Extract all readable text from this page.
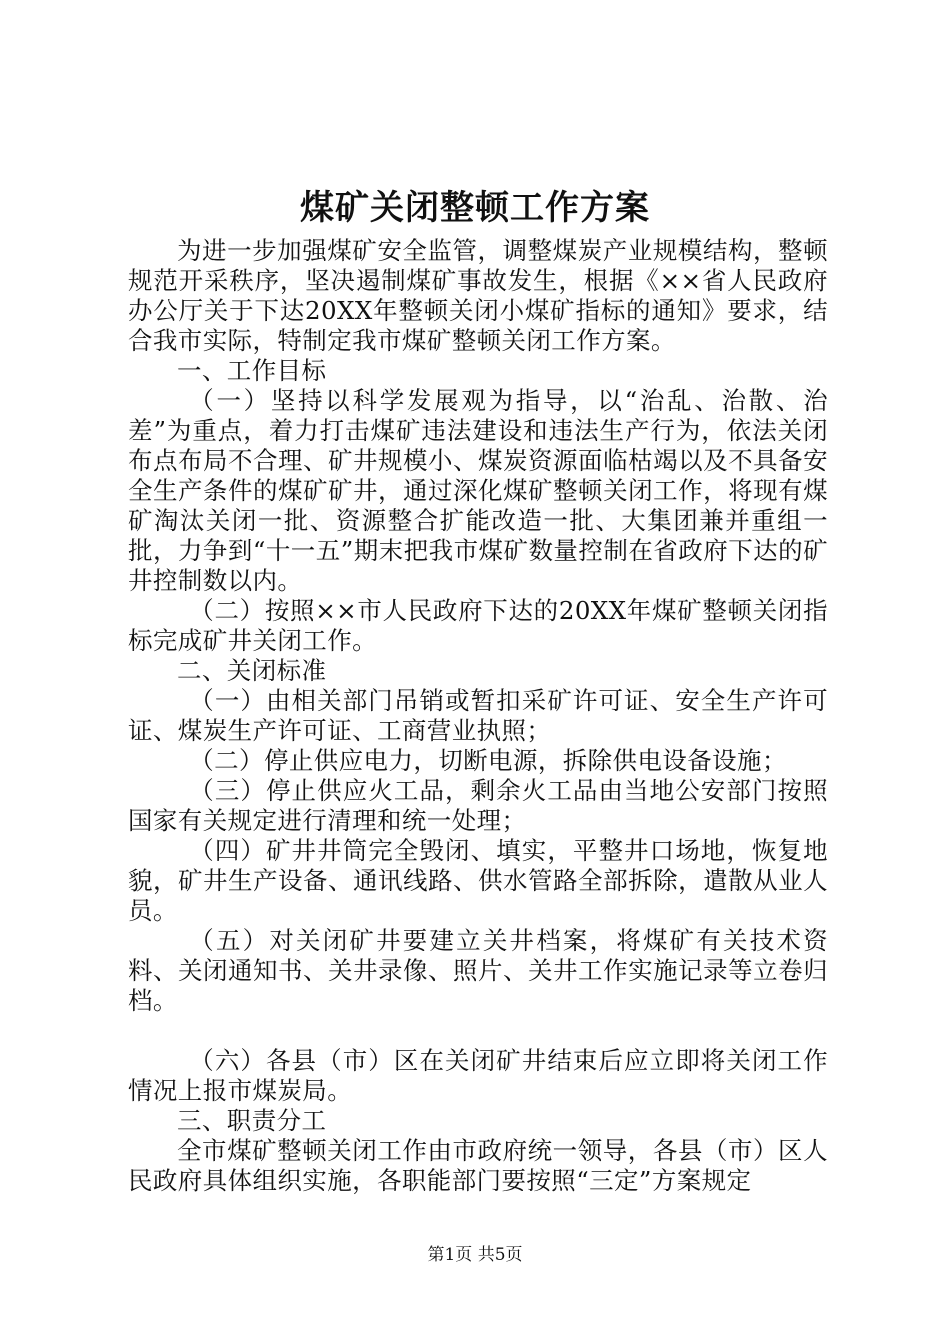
煤矿关闭整顿工作方案

为进一步加强煤矿安全监管，调整煤炭产业规模结构，整顿规范开采秩序，坚决遏制煤矿事故发生，根据《××省人民政府办公厅关于下达20XX年整顿关闭小煤矿指标的通知》要求，结合我市实际，特制定我市煤矿整顿关闭工作方案。

一、工作目标

（一）坚持以科学发展观为指导，以“治乱、治散、治差”为重点，着力打击煤矿违法建设和违法生产行为，依法关闭布点布局不合理、矿井规模小、煤炭资源面临枯竭以及不具备安全生产条件的煤矿矿井，通过深化煤矿整顿关闭工作，将现有煤矿淘汰关闭一批、资源整合扩能改造一批、大集团兼并重组一批，力争到“十一五”期末把我市煤矿数量控制在省政府下达的矿井控制数以内。

（二）按照××市人民政府下达的20XX年煤矿整顿关闭指标完成矿井关闭工作。

二、关闭标准

（一）由相关部门吊销或暂扣采矿许可证、安全生产许可证、煤炭生产许可证、工商营业执照；

（二）停止供应电力，切断电源，拆除供电设备设施；

（三）停止供应火工品，剩余火工品由当地公安部门按照国家有关规定进行清理和统一处理；

（四）矿井井筒完全毁闭、填实，平整井口场地，恢复地貌，矿井生产设备、通讯线路、供水管路全部拆除，遣散从业人员。

（五）对关闭矿井要建立关井档案，将煤矿有关技术资料、关闭通知书、关井录像、照片、关井工作实施记录等立卷归档。

（六）各县（市）区在关闭矿井结束后应立即将关闭工作情况上报市煤炭局。

三、职责分工

全市煤矿整顿关闭工作由市政府统一领导，各县（市）区人民政府具体组织实施，各职能部门要按照“三定”方案规定

第1页 共5页
